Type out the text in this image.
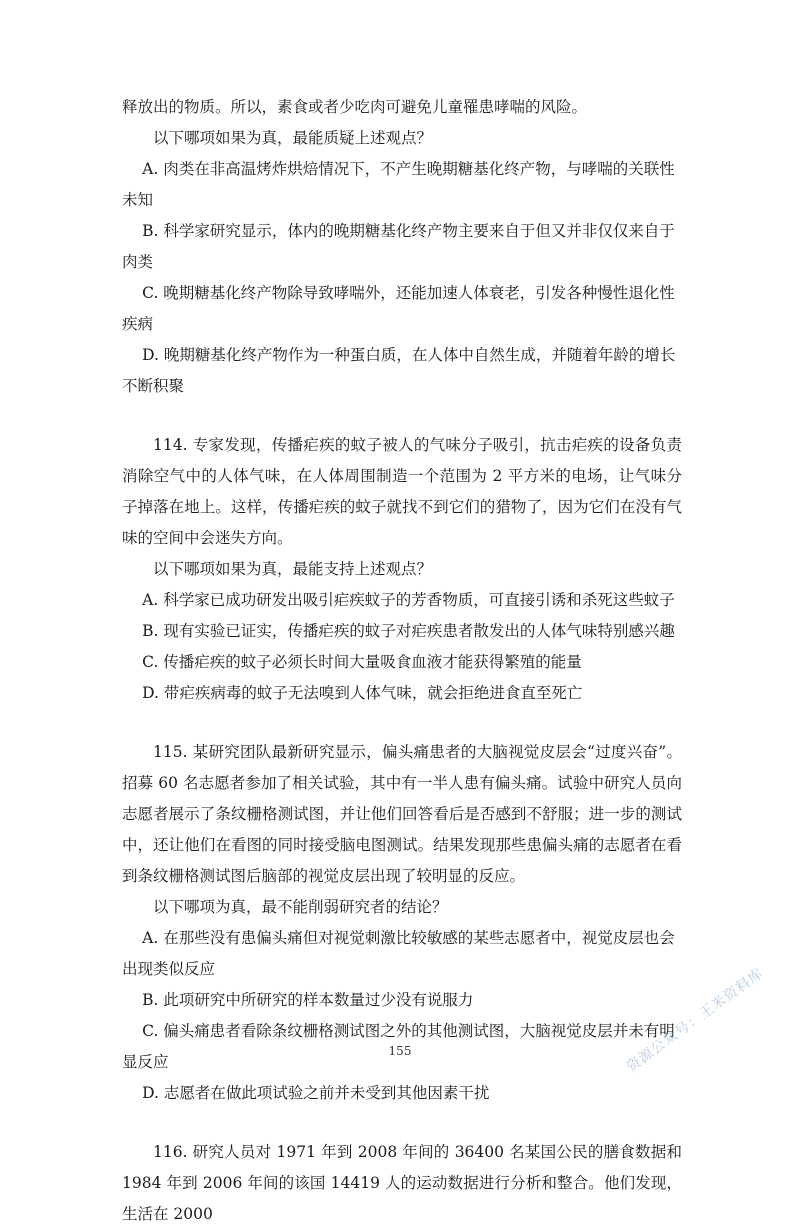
释放出的物质。所以，素食或者少吃肉可避免儿童罹患哮喘的风险。

以下哪项如果为真，最能质疑上述观点？

A. 肉类在非高温烤炸烘焙情况下，不产生晚期糖基化终产物，与哮喘的关联性未知

B. 科学家研究显示，体内的晚期糖基化终产物主要来自于但又并非仅仅来自于肉类

C. 晚期糖基化终产物除导致哮喘外，还能加速人体衰老，引发各种慢性退化性疾病

D. 晚期糖基化终产物作为一种蛋白质，在人体中自然生成，并随着年龄的增长不断积聚

114. 专家发现，传播疟疾的蚊子被人的气味分子吸引，抗击疟疾的设备负责消除空气中的人体气味，在人体周围制造一个范围为 2 平方米的电场，让气味分子掉落在地上。这样，传播疟疾的蚊子就找不到它们的猎物了，因为它们在没有气味的空间中会迷失方向。

以下哪项如果为真，最能支持上述观点？

A. 科学家已成功研发出吸引疟疾蚊子的芳香物质，可直接引诱和杀死这些蚊子

B. 现有实验已证实，传播疟疾的蚊子对疟疾患者散发出的人体气味特别感兴趣

C. 传播疟疾的蚊子必须长时间大量吸食血液才能获得繁殖的能量

D. 带疟疾病毒的蚊子无法嗅到人体气味，就会拒绝进食直至死亡

115. 某研究团队最新研究显示，偏头痛患者的大脑视觉皮层会“过度兴奋”。招募 60 名志愿者参加了相关试验，其中有一半人患有偏头痛。试验中研究人员向志愿者展示了条纹栅格测试图，并让他们回答看后是否感到不舒服；进一步的测试中，还让他们在看图的同时接受脑电图测试。结果发现那些患偏头痛的志愿者在看到条纹栅格测试图后脑部的视觉皮层出现了较明显的反应。

以下哪项为真，最不能削弱研究者的结论？

A. 在那些没有患偏头痛但对视觉刺激比较敏感的某些志愿者中，视觉皮层也会出现类似反应

B. 此项研究中所研究的样本数量过少没有说服力

C. 偏头痛患者看除条纹栅格测试图之外的其他测试图，大脑视觉皮层并未有明显反应

D. 志愿者在做此项试验之前并未受到其他因素干扰

116. 研究人员对 1971 年到 2008 年间的 36400 名某国公民的膳食数据和 1984 年到 2006 年间的该国 14419 人的运动数据进行分析和整合。他们发现，生活在 2000

155	资源公众号：王米资料库
